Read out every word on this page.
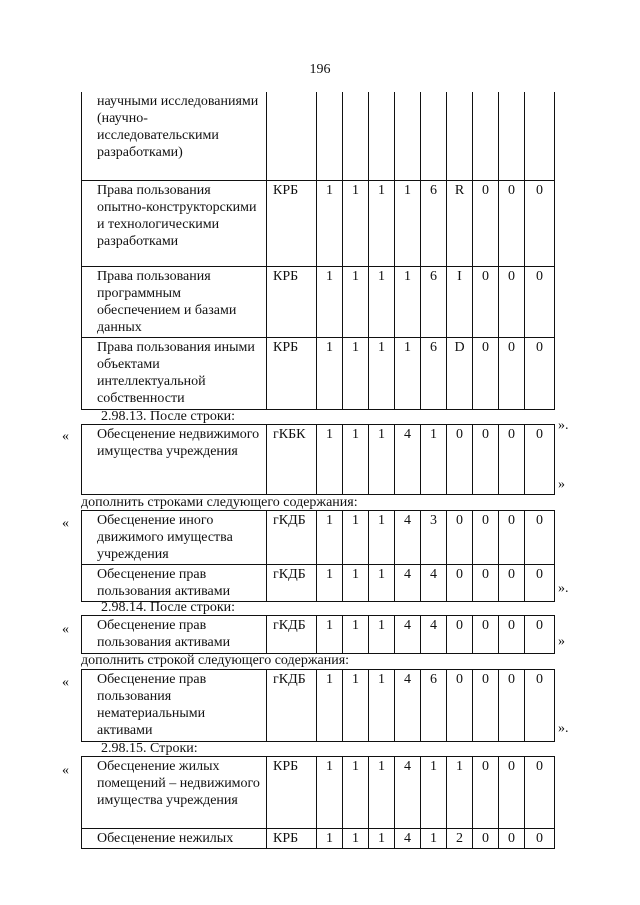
196
научными исследованиями (научно-исследовательскими разработками)										
Права пользования опытно-конструкторскими и технологическими разработками	КРБ	1	1	1	1	6	R	0	0	0
Права пользования программным обеспечением и базами данных	КРБ	1	1	1	1	6	I	0	0	0
Права пользования иными объектами интеллектуальной собственности	КРБ	1	1	1	1	6	D	0	0	0
».
2.98.13. После строки:
« Обесценение недвижимого имущества учреждения	гКБК	1	1	1	4	1	0	0	0	0
»
дополнить строками следующего содержания:
« Обесценение иного движимого имущества учреждения	гКДБ	1	1	1	4	3	0	0	0	0
Обесценение прав пользования активами	гКДБ	1	1	1	4	4	0	0	0	0
».
2.98.14. После строки:
« Обесценение прав пользования активами	гКДБ	1	1	1	4	4	0	0	0	0
»
дополнить строкой следующего содержания:
« Обесценение прав пользования нематериальными активами	гКДБ	1	1	1	4	6	0	0	0	0
».
2.98.15. Строки:
« Обесценение жилых помещений – недвижимого имущества учреждения	КРБ	1	1	1	4	1	1	0	0	0
Обесценение нежилых	КРБ	1	1	1	4	1	2	0	0	0
